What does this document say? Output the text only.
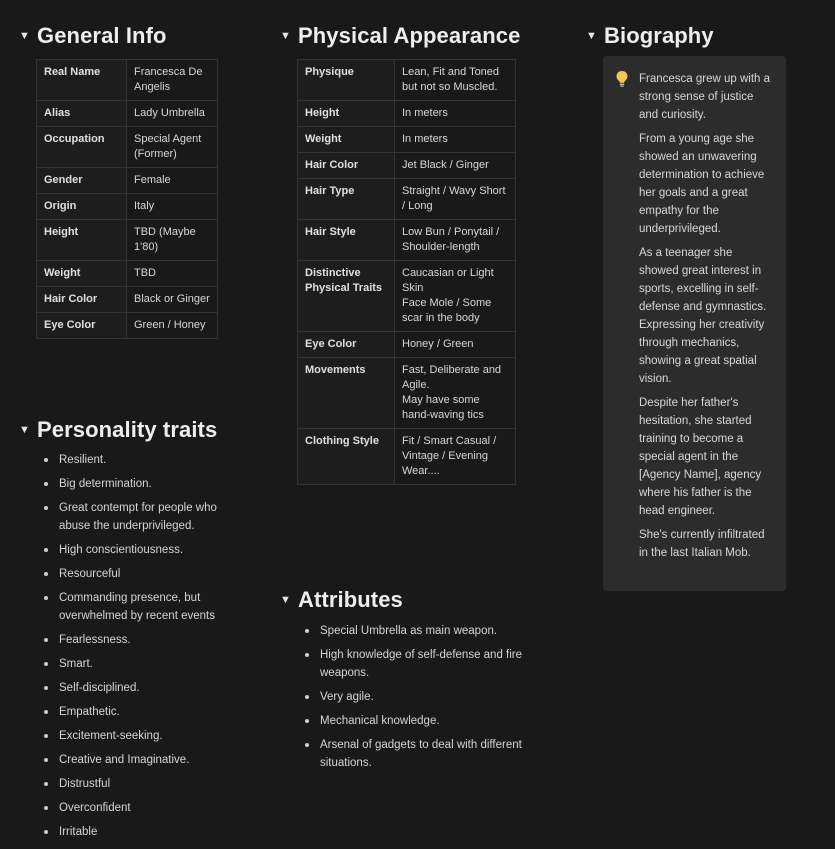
▼ General Info
Real Name	Francesca De Angelis
Alias	Lady Umbrella
Occupation	Special Agent (Former)
Gender	Female
Origin	Italy
Height	TBD (Maybe 1'80)
Weight	TBD
Hair Color	Black or Ginger
Eye Color	Green / Honey
▼ Physical Appearance
Physique	Lean, Fit and Toned but not so Muscled.
Height	In meters
Weight	In meters
Hair Color	Jet Black / Ginger
Hair Type	Straight / Wavy Short / Long
Hair Style	Low Bun / Ponytail / Shoulder-length
Distinctive Physical Traits	Caucasian or Light Skin
Face Mole / Some scar in the body
Eye Color	Honey / Green
Movements	Fast, Deliberate and Agile.
May have some hand-waving tics
Clothing Style	Fit / Smart Casual / Vintage / Evening Wear....
▼ Biography

Francesca grew up with a strong sense of justice and curiosity.

From a young age she showed an unwavering determination to achieve her goals and a great empathy for the underprivileged.

As a teenager she showed great interest in sports, excelling in self-defense and gymnastics. Expressing her creativity through mechanics, showing a great spatial vision.

Despite her father's hesitation, she started training to become a special agent in the [Agency Name], agency where his father is the head engineer.

She's currently infiltrated in the last Italian Mob.

▼ Personality traits
Resilient.
Big determination.
Great contempt for people who abuse the underprivileged.
High conscientiousness.
Resourceful
Commanding presence, but overwhelmed by recent events
Fearlessness.
Smart.
Self-disciplined.
Empathetic.
Excitement-seeking.
Creative and Imaginative.
Distrustful
Overconfident
Irritable
▼ Attributes
Special Umbrella as main weapon.
High knowledge of self-defense and fire weapons.
Very agile.
Mechanical knowledge.
Arsenal of gadgets to deal with different situations.
